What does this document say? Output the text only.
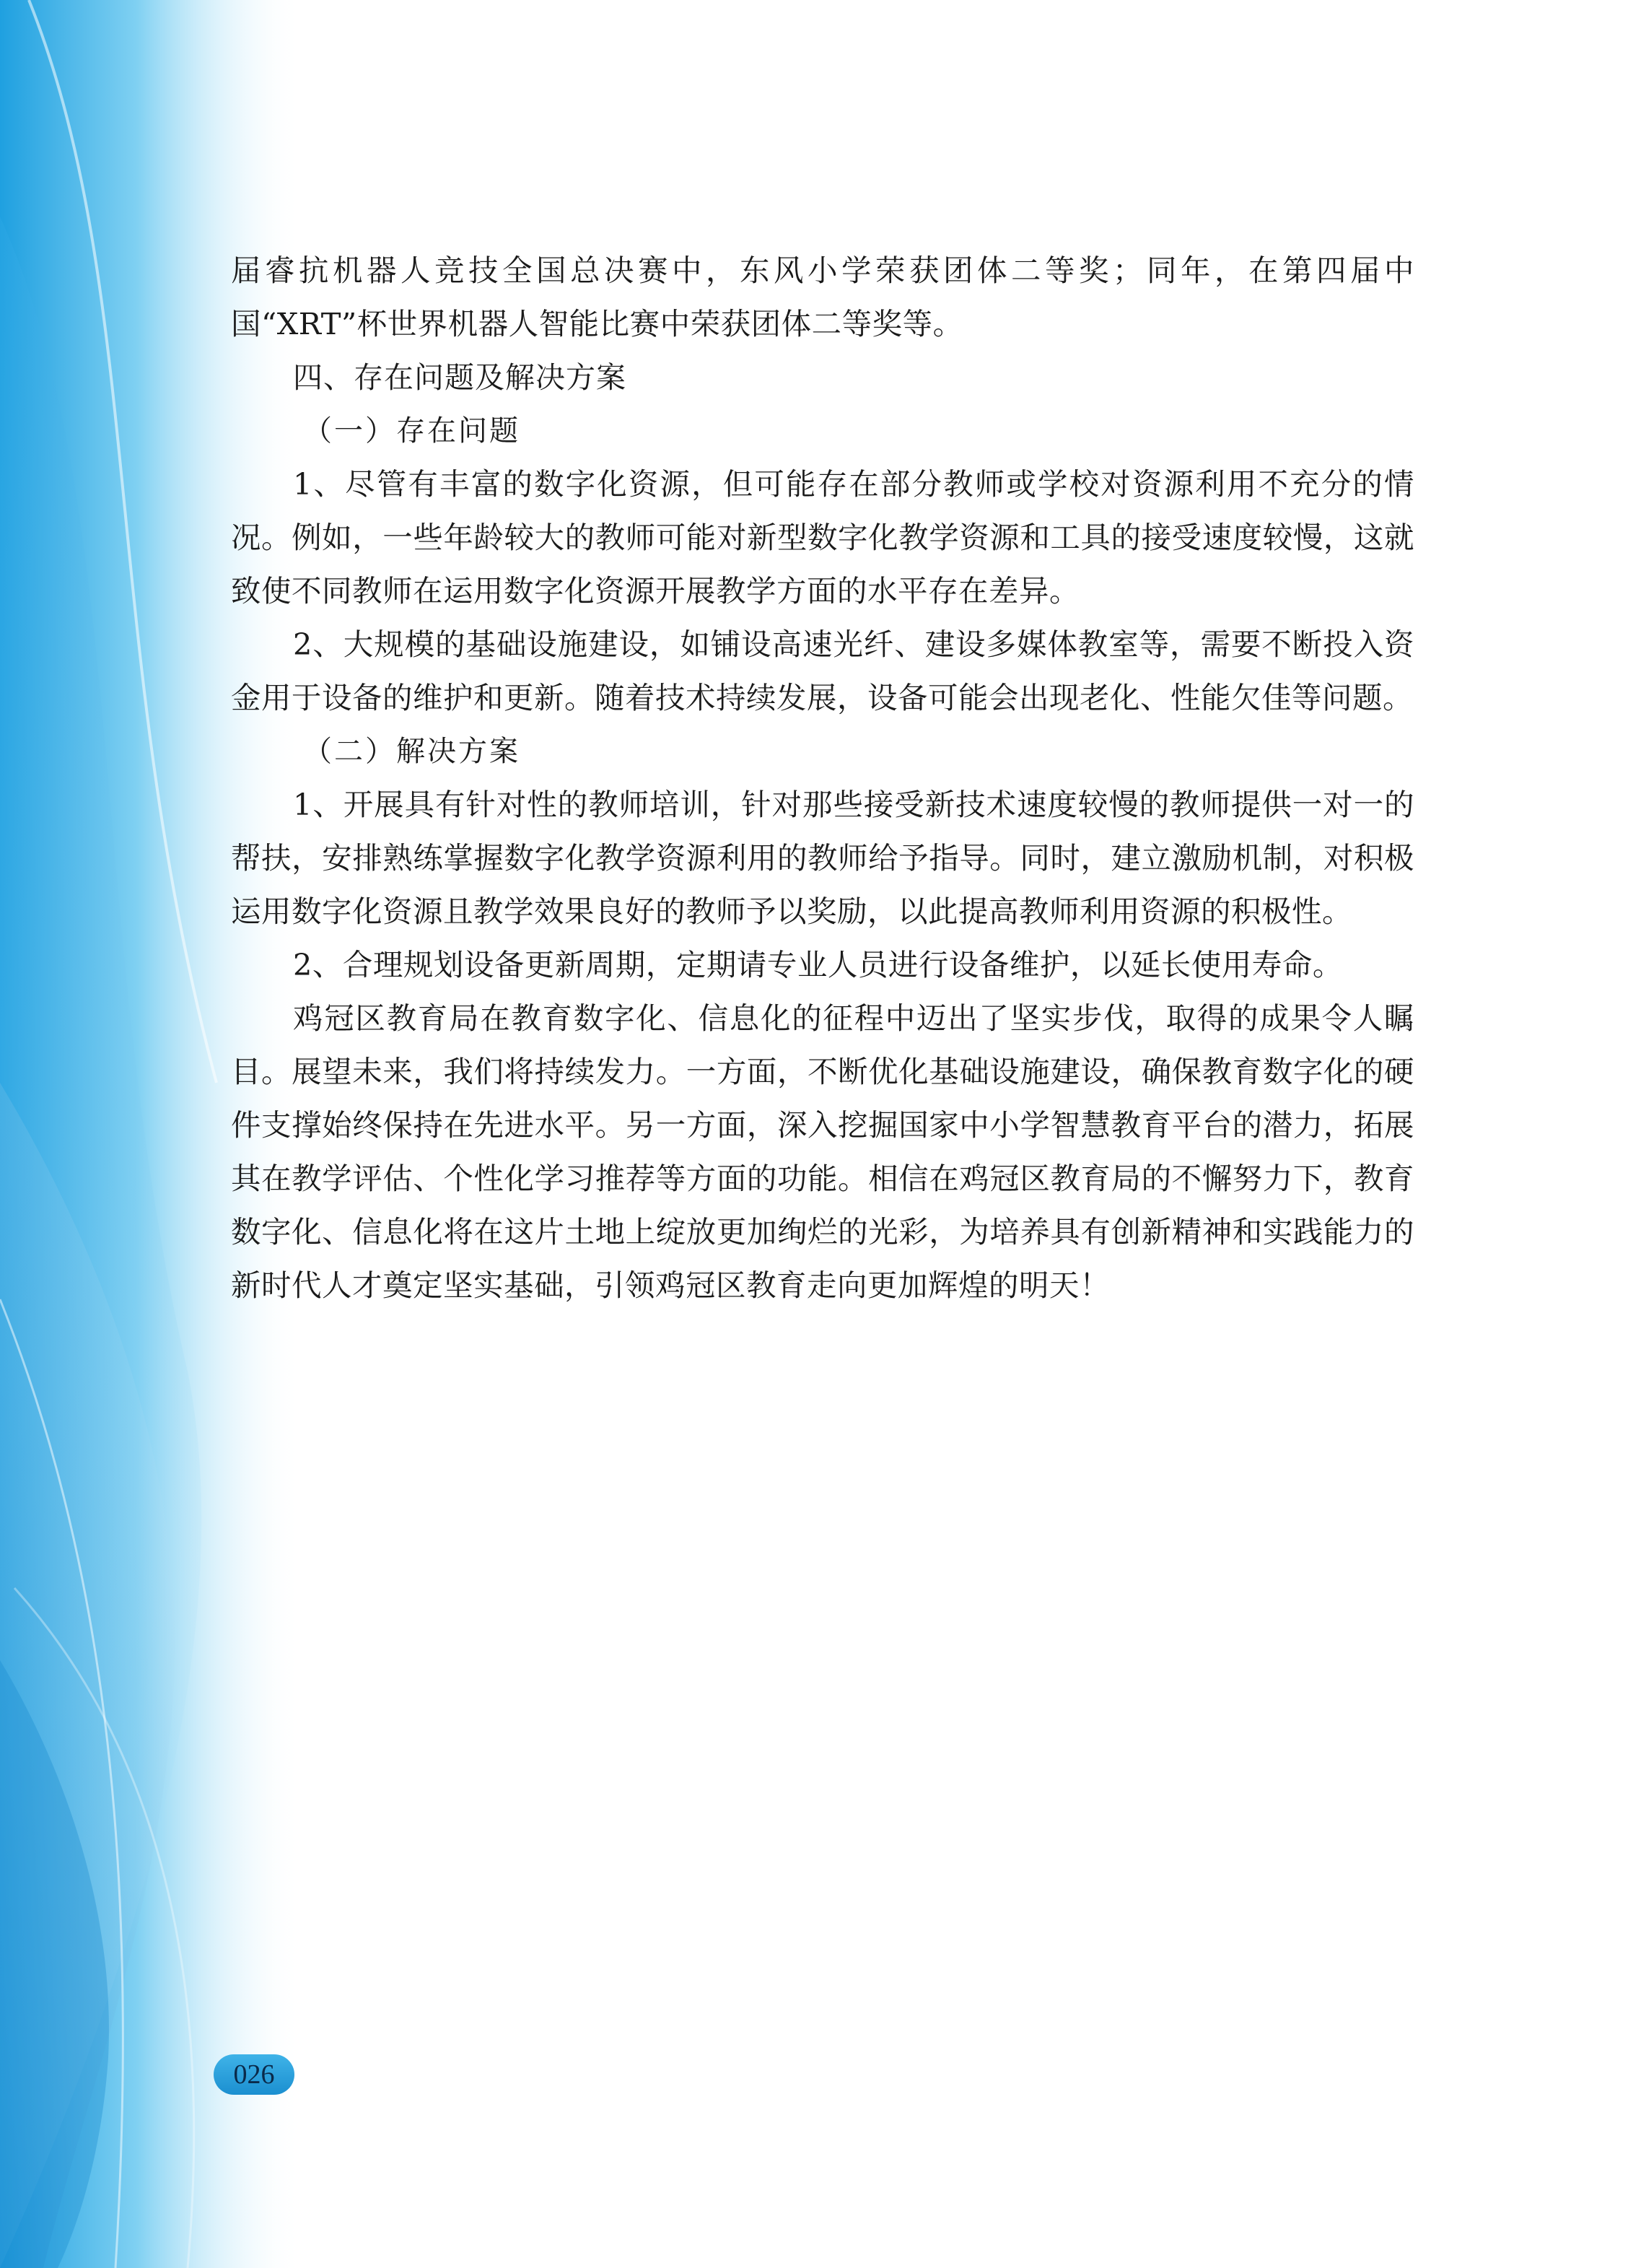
届睿抗机器人竞技全国总决赛中，东风小学荣获团体二等奖；同年，在第四届中国“XRT”杯世界机器人智能比赛中荣获团体二等奖等。

四、存在问题及解决方案

（一）存在问题

1、尽管有丰富的数字化资源，但可能存在部分教师或学校对资源利用不充分的情况。例如，一些年龄较大的教师可能对新型数字化教学资源和工具的接受速度较慢，这就致使不同教师在运用数字化资源开展教学方面的水平存在差异。

2、大规模的基础设施建设，如铺设高速光纤、建设多媒体教室等，需要不断投入资金用于设备的维护和更新。随着技术持续发展，设备可能会出现老化、性能欠佳等问题。

（二）解决方案

1、开展具有针对性的教师培训，针对那些接受新技术速度较慢的教师提供一对一的帮扶，安排熟练掌握数字化教学资源利用的教师给予指导。同时，建立激励机制，对积极运用数字化资源且教学效果良好的教师予以奖励，以此提高教师利用资源的积极性。

2、合理规划设备更新周期，定期请专业人员进行设备维护，以延长使用寿命。

鸡冠区教育局在教育数字化、信息化的征程中迈出了坚实步伐，取得的成果令人瞩目。展望未来，我们将持续发力。一方面，不断优化基础设施建设，确保教育数字化的硬件支撑始终保持在先进水平。另一方面，深入挖掘国家中小学智慧教育平台的潜力，拓展其在教学评估、个性化学习推荐等方面的功能。相信在鸡冠区教育局的不懈努力下，教育数字化、信息化将在这片土地上绽放更加绚烂的光彩，为培养具有创新精神和实践能力的新时代人才奠定坚实基础，引领鸡冠区教育走向更加辉煌的明天！

026
